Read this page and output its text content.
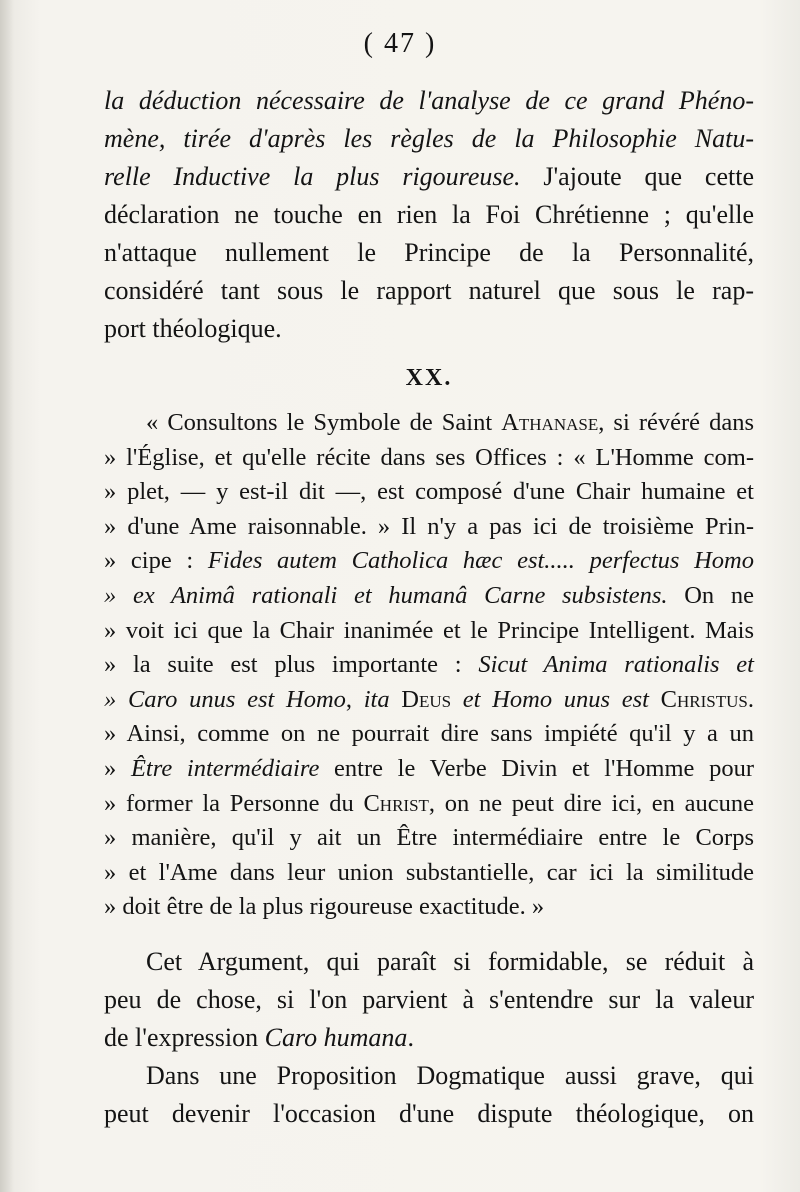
( 47 )
la déduction nécessaire de l'analyse de ce grand Phéno-
mène, tirée d'après les règles de la Philosophie Natu-
relle Inductive la plus rigoureuse. J'ajoute que cette
déclaration ne touche en rien la Foi Chrétienne ; qu'elle
n'attaque nullement le Principe de la Personnalité,
considéré tant sous le rapport naturel que sous le rap-
port théologique.
XX.
« Consultons le Symbole de Saint Athanase, si révéré dans
» l'Église, et qu'elle récite dans ses Offices : « L'Homme com-
» plet, — y est-il dit —, est composé d'une Chair humaine et
» d'une Ame raisonnable. » Il n'y a pas ici de troisième Prin-
» cipe : Fides autem Catholica hæc est..... perfectus Homo
» ex Animâ rationali et humanâ Carne subsistens. On ne
» voit ici que la Chair inanimée et le Principe Intelligent. Mais
» la suite est plus importante : Sicut Anima rationalis et
» Caro unus est Homo, ita Deus et Homo unus est Christus.
» Ainsi, comme on ne pourrait dire sans impiété qu'il y a un
» Être intermédiaire entre le Verbe Divin et l'Homme pour
» former la Personne du Christ, on ne peut dire ici, en aucune
» manière, qu'il y ait un Être intermédiaire entre le Corps
» et l'Ame dans leur union substantielle, car ici la similitude
» doit être de la plus rigoureuse exactitude. »
Cet Argument, qui paraît si formidable, se réduit à
peu de chose, si l'on parvient à s'entendre sur la valeur
de l'expression Caro humana.
Dans une Proposition Dogmatique aussi grave, qui
peut devenir l'occasion d'une dispute théologique, on
